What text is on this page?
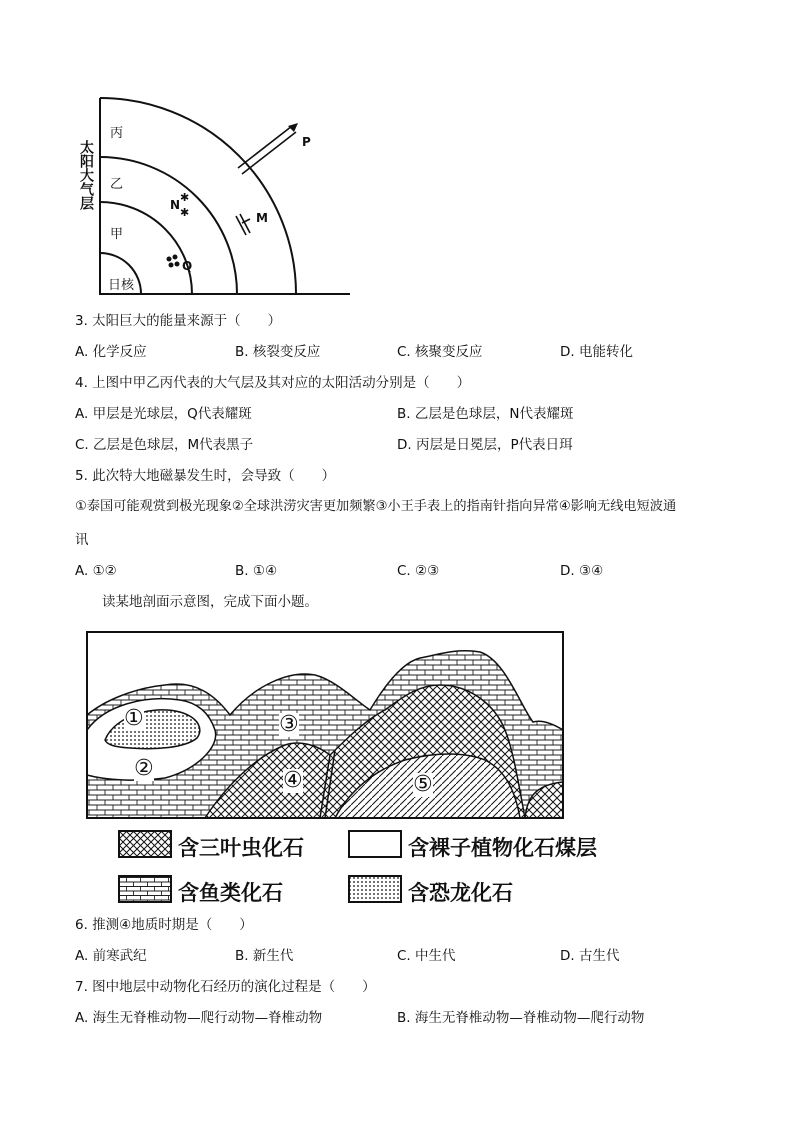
✱
✱
太阳大气层
丙
乙
甲
日核
P
M
N
Q
3. 太阳巨大的能量来源于（　　）
A. 化学反应	B. 核裂变反应	C. 核聚变反应	D. 电能转化
4. 上图中甲乙丙代表的大气层及其对应的太阳活动分别是（　　）
A. 甲层是光球层，Q代表耀斑	B. 乙层是色球层，N代表耀斑
C. 乙层是色球层，M代表黑子	D. 丙层是日冕层，P代表日珥
5. 此次特大地磁暴发生时，会导致（　　）
①泰国可能观赏到极光现象②全球洪涝灾害更加频繁③小王手表上的指南针指向异常④影响无线电短波通
讯
A. ①②	B. ①④	C. ②③	D. ③④
读某地剖面示意图，完成下面小题。
①
②
③
④	⑤
含三叶虫化石	含裸子植物化石煤层
含鱼类化石	含恐龙化石
6. 推测④地质时期是（　　）
A. 前寒武纪	B. 新生代	C. 中生代	D. 古生代
7. 图中地层中动物化石经历的演化过程是（　　）
A. 海生无脊椎动物—爬行动物—脊椎动物	B. 海生无脊椎动物—脊椎动物—爬行动物
